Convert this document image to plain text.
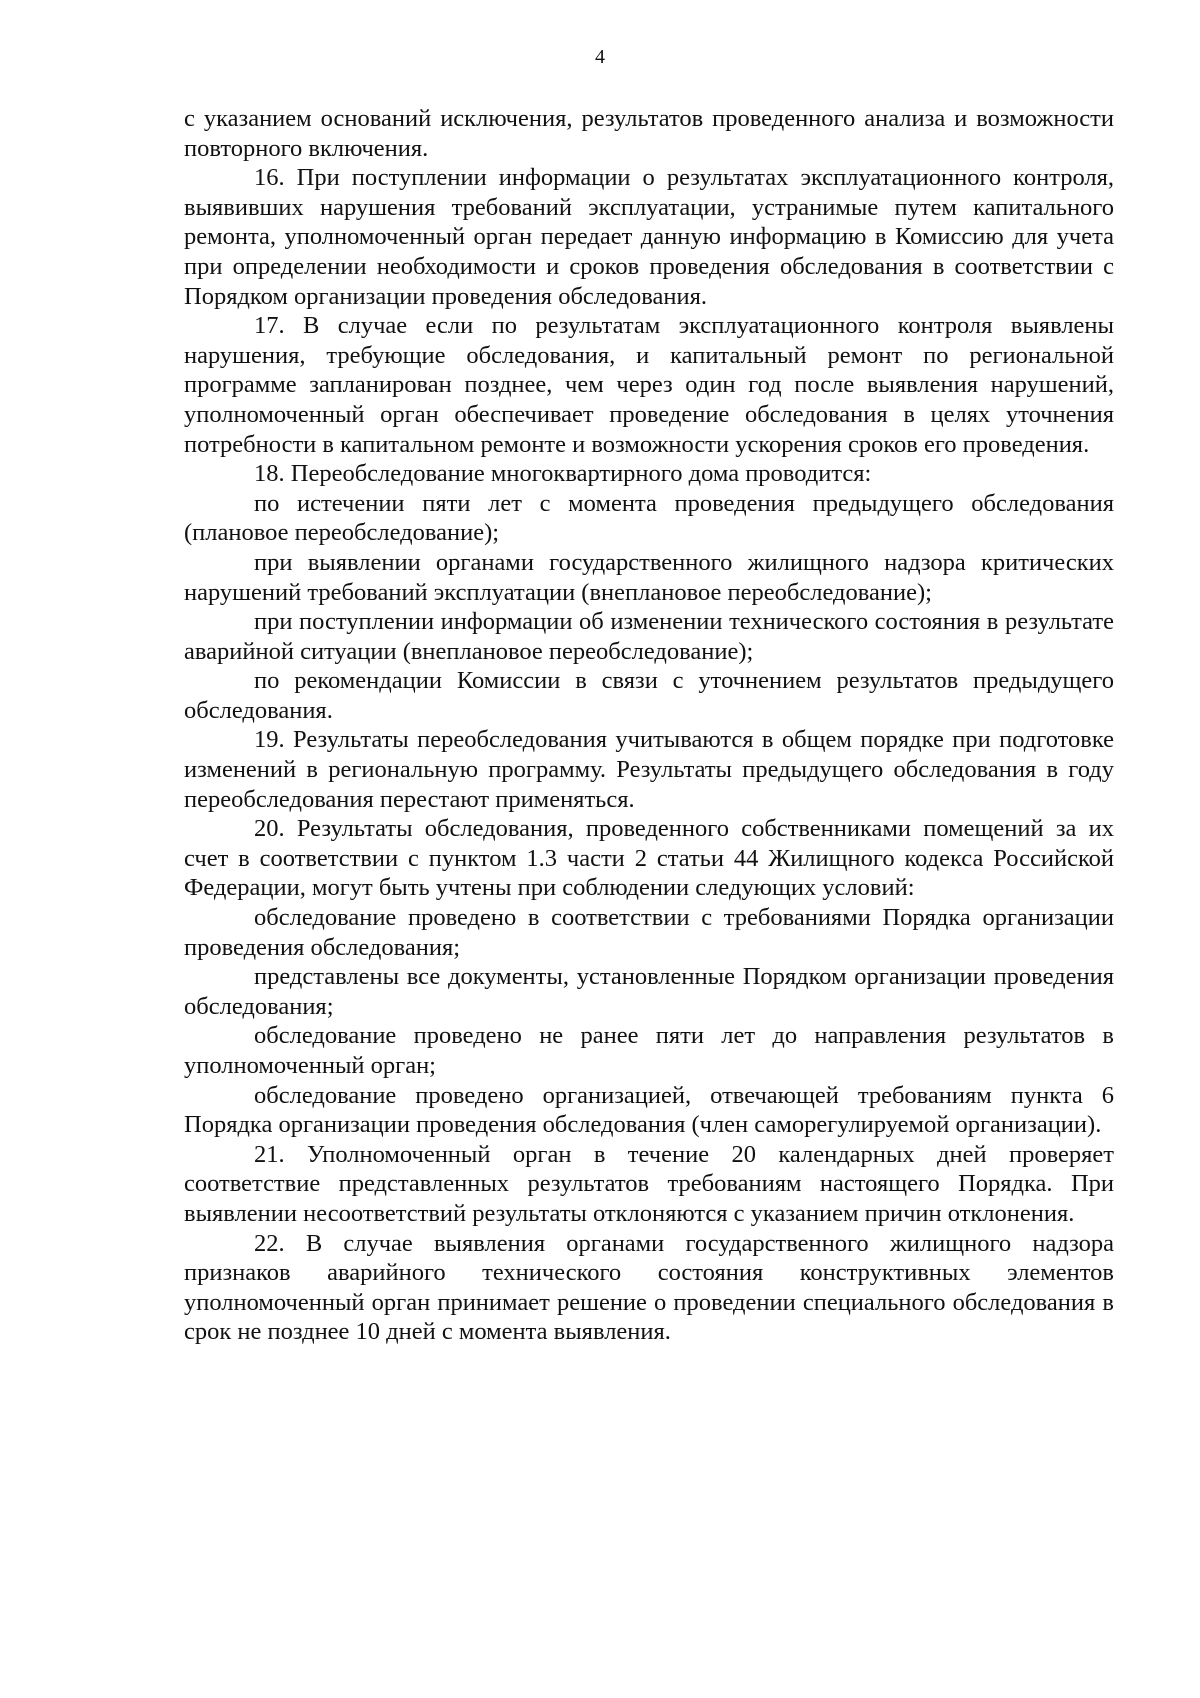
4

с указанием оснований исключения, результатов проведенного анализа и возможности повторного включения.

16. При поступлении информации о результатах эксплуатационного контроля, выявивших нарушения требований эксплуатации, устранимые путем капитального ремонта, уполномоченный орган передает данную информацию в Комиссию для учета при определении необходимости и сроков проведения обследования в соответствии с Порядком организации проведения обследования.

17. В случае если по результатам эксплуатационного контроля выявлены нарушения, требующие обследования, и капитальный ремонт по региональной программе запланирован позднее, чем через один год после выявления нарушений, уполномоченный орган обеспечивает проведение обследования в целях уточнения потребности в капитальном ремонте и возможности ускорения сроков его проведения.

18. Переобследование многоквартирного дома проводится:

по истечении пяти лет с момента проведения предыдущего обследования (плановое переобследование);

при выявлении органами государственного жилищного надзора критических нарушений требований эксплуатации (внеплановое переобследование);

при поступлении информации об изменении технического состояния в результате аварийной ситуации (внеплановое переобследование);

по рекомендации Комиссии в связи с уточнением результатов предыдущего обследования.

19. Результаты переобследования учитываются в общем порядке при подготовке изменений в региональную программу. Результаты предыдущего обследования в году переобследования перестают применяться.

20. Результаты обследования, проведенного собственниками помещений за их счет в соответствии с пунктом 1.3 части 2 статьи 44 Жилищного кодекса Российской Федерации, могут быть учтены при соблюдении следующих условий:

обследование проведено в соответствии с требованиями Порядка организации проведения обследования;

представлены все документы, установленные Порядком организации проведения обследования;

обследование проведено не ранее пяти лет до направления результатов в уполномоченный орган;

обследование проведено организацией, отвечающей требованиям пункта 6 Порядка организации проведения обследования (член саморегулируемой организации).

21. Уполномоченный орган в течение 20 календарных дней проверяет соответствие представленных результатов требованиям настоящего Порядка. При выявлении несоответствий результаты отклоняются с указанием причин отклонения.

22. В случае выявления органами государственного жилищного надзора признаков аварийного технического состояния конструктивных элементов уполномоченный орган принимает решение о проведении специального обследования в срок не позднее 10 дней с момента выявления.
